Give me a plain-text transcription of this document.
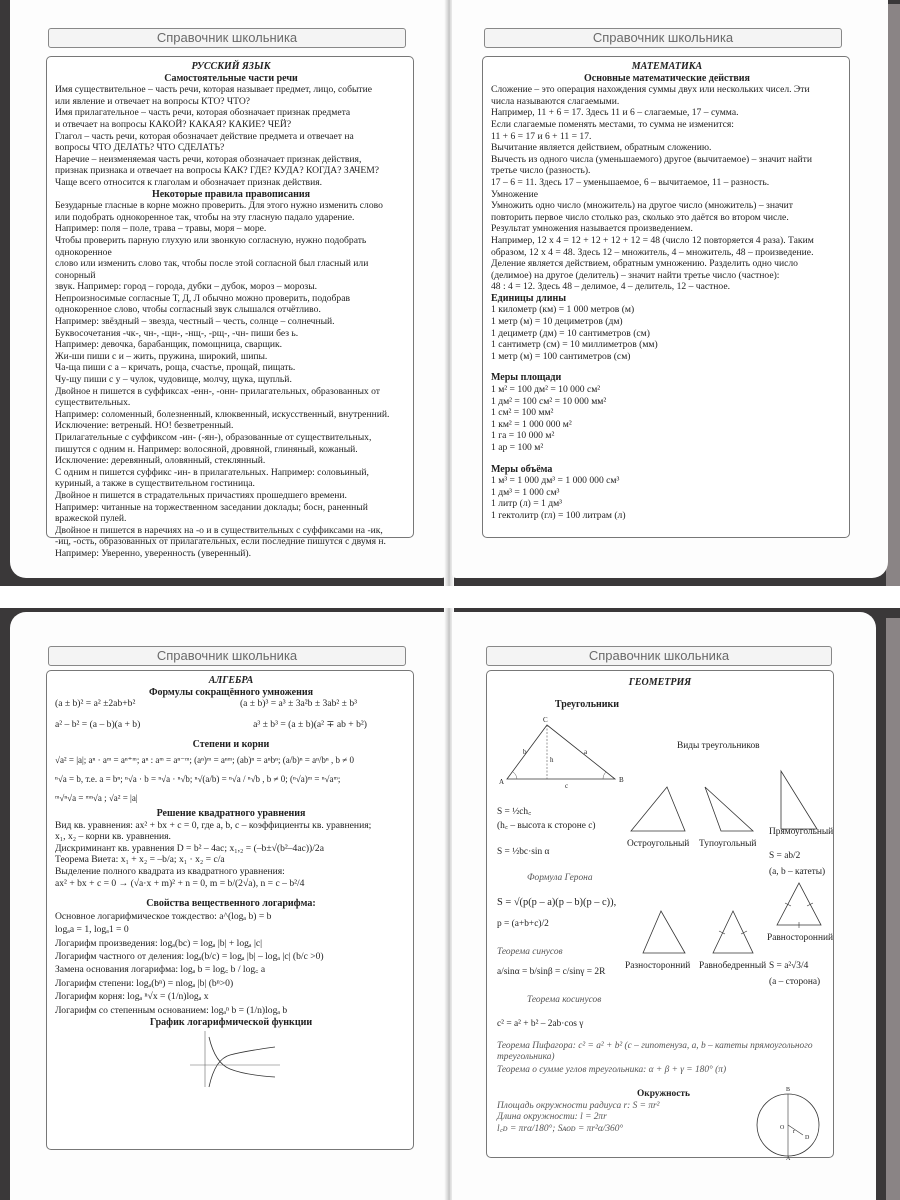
Справочник школьника

РУССКИЙ ЯЗЫК

Самостоятельные части речи

Имя существительное – часть речи, которая называет предмет, лицо, событие

или явление и отвечает на вопросы КТО? ЧТО?

Имя прилагательное – часть речи, которая обозначает признак предмета

и отвечает на вопросы КАКОЙ? КАКАЯ? КАКИЕ? ЧЕЙ?

Глагол – часть речи, которая обозначает действие предмета и отвечает на

вопросы ЧТО ДЕЛАТЬ? ЧТО СДЕЛАТЬ?

Наречие – неизменяемая часть речи, которая обозначает признак действия,

признак признака и отвечает на вопросы КАК? ГДЕ? КУДА? КОГДА? ЗАЧЕМ?

Чаще всего относится к глаголам и обозначает признак действия.

Некоторые правила правописания

Безударные гласные в корне можно проверить. Для этого нужно изменить слово

или подобрать однокоренное так, чтобы на эту гласную падало ударение.

Например: поля – поле, трава – травы, моря – море.

Чтобы проверить парную глухую или звонкую согласную, нужно подобрать однокоренное

слово или изменить слово так, чтобы после этой согласной был гласный или сонорный

звук. Например: город – города, дубки – дубок, мороз – морозы.

Непроизносимые согласные Т, Д, Л обычно можно проверить, подобрав

однокоренное слово, чтобы согласный звук слышался отчётливо.

Например: звёздный – звезда, честный – честь, солнце – солнечный.

Буквосочетания -чк-, чн-, -щн-, -нщ-, -рщ-, -чн- пиши без ь.

Например: девочка, барабанщик, помощница, сварщик.

Жи-ши пиши с и – жить, пружина, широкий, шипы.

Ча-ща пиши с а – кричать, роща, счастье, прощай, пищать.

Чу-щу пиши с у – чулок, чудовище, молчу, щука, щупльй.

Двойное н пишется в суффиксах -енн-, -онн- прилагательных, образованных от

существительных.

Например: соломенный, болезненный, клюквенный, искусственный, внутренний.

Исключение: ветреный. НО! безветренный.

Прилагательные с суффиксом -ин- (-ян-), образованные от существительных,

пишутся с одним н. Например: волосяной, дровяной, глиняный, кожаный.

Исключение: деревянный, оловянный, стеклянный.

С одним н пишется суффикс -ин- в прилагательных. Например: соловьиный,

куриный, а также в существительном гостиница.

Двойное н пишется в страдательных причастиях прошедшего времени.

Например: читанные на торжественном заседании доклады; босн, раненный

вражеской пулей.

Двойное н пишется в наречиях на -о и в существительных с суффиксами на -ик,

-иц, -ость, образованных от прилагательных, если последние пишутся с двумя н.

Например: Уверенно, уверенность (уверенный).

Справочник школьника

МАТЕМАТИКА

Основные математические действия

Сложение – это операция нахождения суммы двух или нескольких чисел. Эти

числа называются слагаемыми.

Например, 11 + 6 = 17. Здесь 11 и 6 – слагаемые, 17 – сумма.

Если слагаемые поменять местами, то сумма не изменится:

11 + 6 = 17 и 6 + 11 = 17.

Вычитание является действием, обратным сложению.

Вычесть из одного числа (уменьшаемого) другое (вычитаемое) – значит найти

третье число (разность).

17 – 6 = 11. Здесь 17 – уменьшаемое, 6 – вычитаемое, 11 – разность.

Умножение

Умножить одно число (множитель) на другое число (множитель) – значит

повторить первое число столько раз, сколько это даётся во втором числе.

Результат умножения называется произведением.

Например, 12 х 4 = 12 + 12 + 12 + 12 = 48 (число 12 повторяется 4 раза). Таким

образом, 12 х 4 = 48. Здесь 12 – множитель, 4 – множитель, 48 – произведение.

Деление является действием, обратным умножению. Разделить одно число

(делимое) на другое (делитель) – значит найти третье число (частное):

48 : 4 = 12. Здесь 48 – делимое, 4 – делитель, 12 – частное.

Единицы длины

1 километр (км) = 1 000 метров (м)

1 метр (м) = 10 дециметров (дм)

1 дециметр (дм) = 10 сантиметров (см)

1 сантиметр (см) = 10 миллиметров (мм)

1 метр (м) = 100 сантиметров (см)

Меры площади

1 м² = 100 дм² = 10 000 см²

1 дм² = 100 см² = 10 000 мм²

1 см² = 100 мм²

1 км² = 1 000 000 м²

1 га = 10 000 м²

1 ар = 100 м²

Меры объёма

1 м³ = 1 000 дм³ = 1 000 000 см³

1 дм³ = 1 000 см³

1 литр (л) = 1 дм³

1 гектолитр (гл) = 100 литрам (л)

Справочник школьника

АЛГЕБРА

Формулы сокращённого умножения

(a ± b)² = a² ±2ab+b²	(a ± b)³ = a³ ± 3a²b ± 3ab² ± b³
a² – b² = (a – b)(a + b)	a³ ± b³ = (a ± b)(a² ∓ ab + b²)

Степени и корни

√a² = |a|; aⁿ · aᵐ = aⁿ⁺ᵐ; aⁿ : aᵐ = aⁿ⁻ᵐ; (aⁿ)ᵐ = aⁿᵐ; (ab)ⁿ = aⁿbⁿ; (a/b)ⁿ = aⁿ/bⁿ , b ≠ 0

ⁿ√a = b, т.е. a = bⁿ; ⁿ√a · b = ⁿ√a · ⁿ√b; ⁿ√(a/b) = ⁿ√a / ⁿ√b , b ≠ 0; (ⁿ√a)ᵐ = ⁿ√aᵐ;

ᵐ√ⁿ√a = ᵐⁿ√a ; √a² = |a|

Решение квадратного уравнения

Вид кв. уравнения: ax² + bx + c = 0, где a, b, c – коэффициенты кв. уравнения;

x₁, x₂ – корни кв. уравнения.

Дискриминант кв. уравнения D = b² – 4ac; x₁,₂ = (–b±√(b²–4ac))/2a

Теорема Виета: x₁ + x₂ = –b/a; x₁ · x₂ = c/a

Выделение полного квадрата из квадратного уравнения:

ax² + bx + c = 0 → (√a·x + m)² + n = 0, m = b/(2√a), n = c – b²/4

Свойства вещественного логарифма:

Основное логарифмическое тождество: a^(logₐ b) = b

logₐa = 1, logₐ1 = 0

Логарифм произведения: logₐ(bc) = logₐ |b| + logₐ |c|

Логарифм частного от деления: logₐ(b/c) = logₐ |b| – logₐ |c| (b/c >0)

Замена основания логарифма: logₐ b = log꜀ b / log꜀ a

Логарифм степени: logₐ(bⁿ) = nlogₐ |b| (bⁿ>0)

Логарифм корня: logₐ ⁿ√x = (1/n)logₐ x

Логарифм со степенным основанием: logₐⁿ b = (1/n)logₐ b

График логарифмической функции

Справочник школьника
ГЕОМЕТРИЯ
Треугольники
A	B
C
c
a
b
h
Виды треугольников
S = ½ch꜀
(h꜀ – высота к стороне c)
S = ½bc·sin α
Формула Герона
S = √(p(p – a)(p – b)(p – c)),
p = (a+b+c)/2
Теорема синусов
a/sinα = b/sinβ = c/sinγ = 2R
Теорема косинусов
c² = a² + b² – 2ab·cos γ
Теорема Пифагора: c² = a² + b² (c – гипотенуза, a, b – катеты прямоугольного
треугольника)
Теорема о сумме углов треугольника: α + β + γ = 180° (π)
Остроугольный Тупоугольный
Прямоугольный
S = ab/2
(a, b – катеты)
Разносторонний Равнобедренный
Равносторонний
S = a²√3/4
(a – сторона)
Окружность
Площадь окружности радиуса r: S = πr²
Длина окружности: l = 2πr
l꜀ᴅ = πrα/180°; Sᴀᴏᴅ = πr²α/360°
B
A
O
D
r
